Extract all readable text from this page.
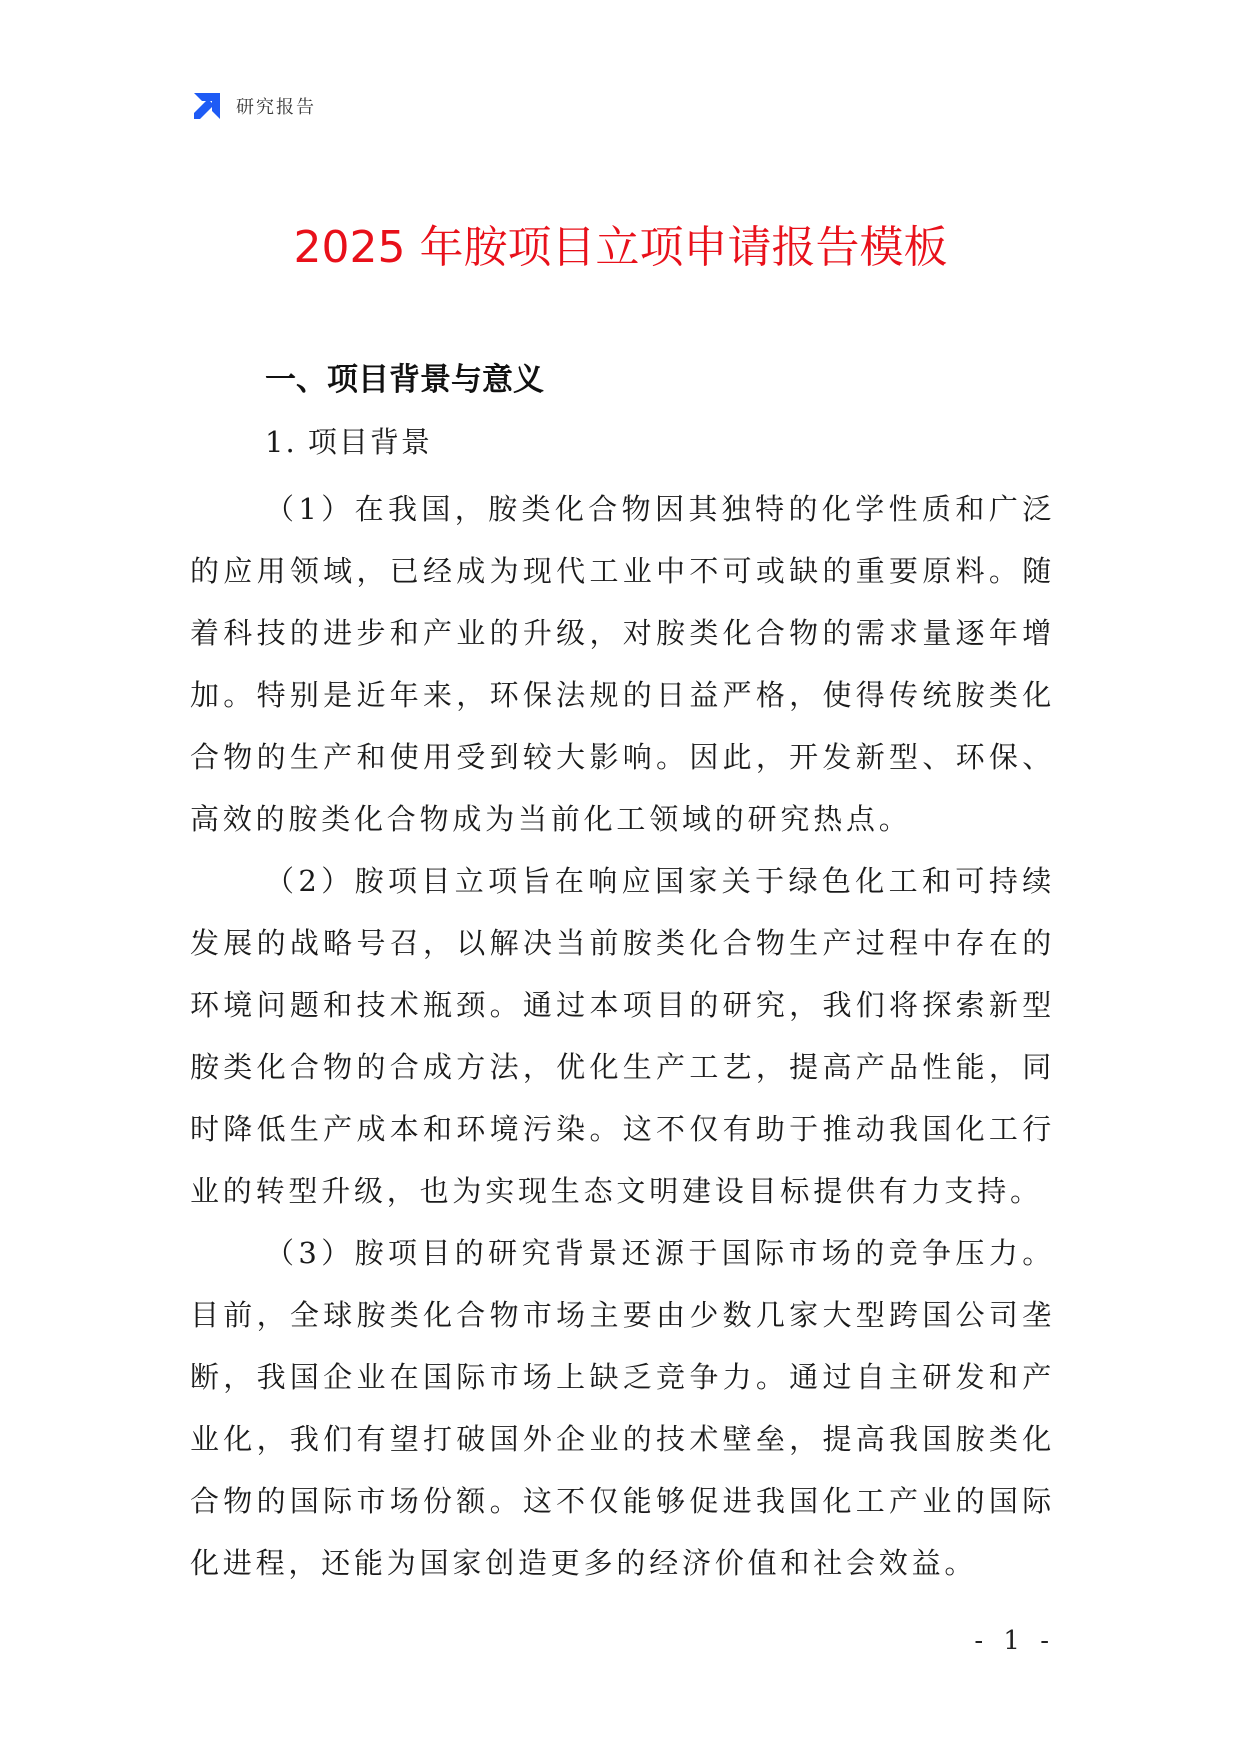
研究报告
2025 年胺项目立项申请报告模板

一、项目背景与意义

1. 项目背景

（1）在我国，胺类化合物因其独特的化学性质和广泛的应用领域，已经成为现代工业中不可或缺的重要原料。随着科技的进步和产业的升级，对胺类化合物的需求量逐年增加。特别是近年来，环保法规的日益严格，使得传统胺类化合物的生产和使用受到较大影响。因此，开发新型、环保、高效的胺类化合物成为当前化工领域的研究热点。

（2）胺项目立项旨在响应国家关于绿色化工和可持续发展的战略号召，以解决当前胺类化合物生产过程中存在的环境问题和技术瓶颈。通过本项目的研究，我们将探索新型胺类化合物的合成方法，优化生产工艺，提高产品性能，同时降低生产成本和环境污染。这不仅有助于推动我国化工行业的转型升级，也为实现生态文明建设目标提供有力支持。

（3）胺项目的研究背景还源于国际市场的竞争压力。目前，全球胺类化合物市场主要由少数几家大型跨国公司垄断，我国企业在国际市场上缺乏竞争力。通过自主研发和产业化，我们有望打破国外企业的技术壁垒，提高我国胺类化合物的国际市场份额。这不仅能够促进我国化工产业的国际化进程，还能为国家创造更多的经济价值和社会效益。

- 1 -
